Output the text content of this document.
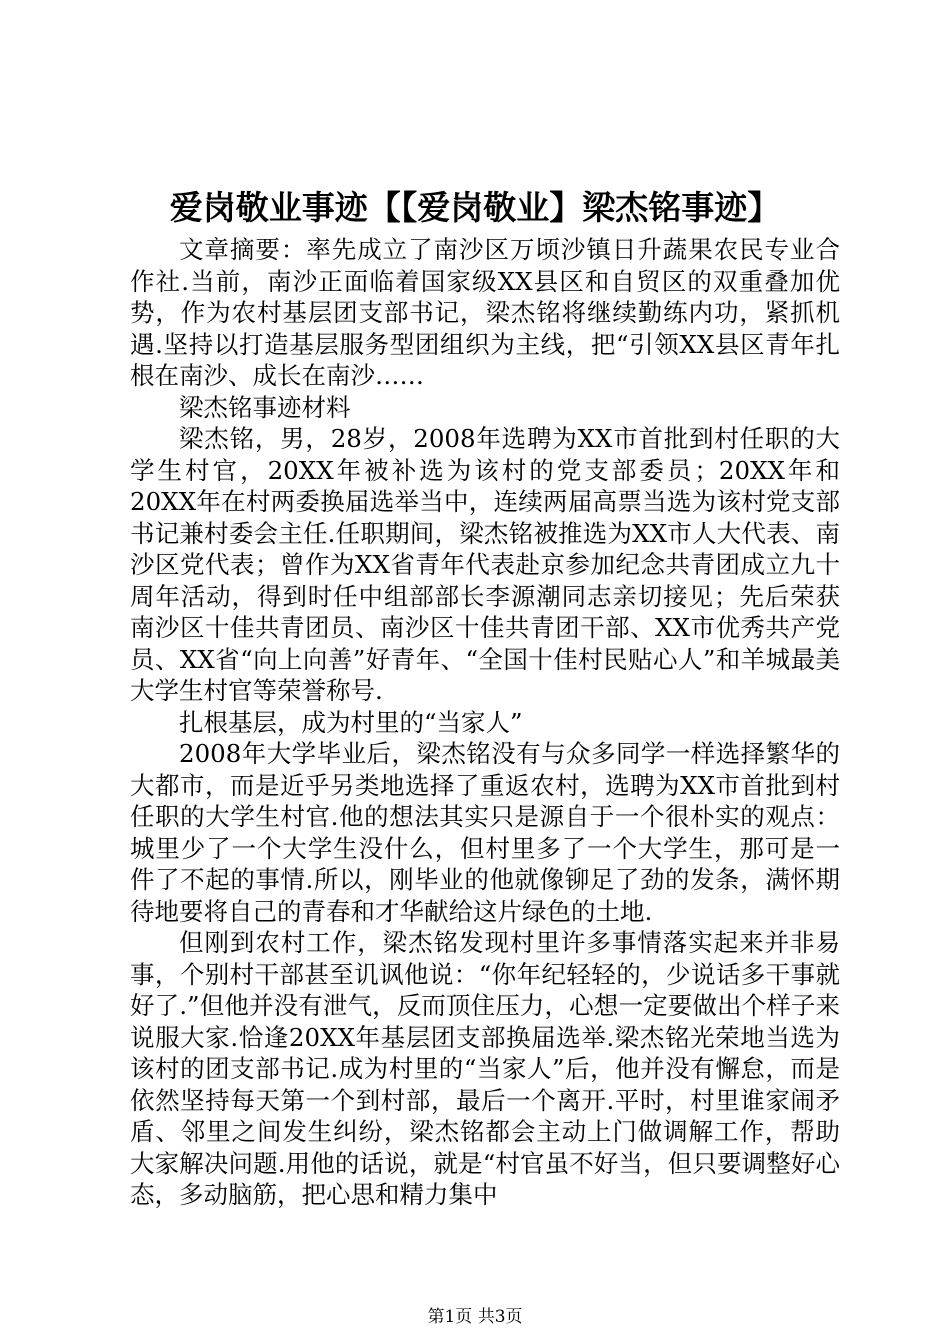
爱岗敬业事迹【【爱岗敬业】梁杰铭事迹】

文章摘要：率先成立了南沙区万顷沙镇日升蔬果农民专业合作社.当前，南沙正面临着国家级XX县区和自贸区的双重叠加优势，作为农村基层团支部书记，梁杰铭将继续勤练内功，紧抓机遇.坚持以打造基层服务型团组织为主线，把“引领XX县区青年扎根在南沙、成长在南沙……

梁杰铭事迹材料

梁杰铭，男，28岁，2008年选聘为XX市首批到村任职的大学生村官，20XX年被补选为该村的党支部委员；20XX年和20XX年在村两委换届选举当中，连续两届高票当选为该村党支部书记兼村委会主任.任职期间，梁杰铭被推选为XX市人大代表、南沙区党代表；曾作为XX省青年代表赴京参加纪念共青团成立九十周年活动，得到时任中组部部长李源潮同志亲切接见；先后荣获南沙区十佳共青团员、南沙区十佳共青团干部、XX市优秀共产党员、XX省“向上向善”好青年、“全国十佳村民贴心人”和羊城最美大学生村官等荣誉称号.

扎根基层，成为村里的“当家人”

2008年大学毕业后，梁杰铭没有与众多同学一样选择繁华的大都市，而是近乎另类地选择了重返农村，选聘为XX市首批到村任职的大学生村官.他的想法其实只是源自于一个很朴实的观点：城里少了一个大学生没什么，但村里多了一个大学生，那可是一件了不起的事情.所以，刚毕业的他就像铆足了劲的发条，满怀期待地要将自己的青春和才华献给这片绿色的土地.

但刚到农村工作，梁杰铭发现村里许多事情落实起来并非易事，个别村干部甚至讥讽他说：“你年纪轻轻的，少说话多干事就好了.”但他并没有泄气，反而顶住压力，心想一定要做出个样子来说服大家.恰逢20XX年基层团支部换届选举.梁杰铭光荣地当选为该村的团支部书记.成为村里的“当家人”后，他并没有懈怠，而是依然坚持每天第一个到村部，最后一个离开.平时，村里谁家闹矛盾、邻里之间发生纠纷，梁杰铭都会主动上门做调解工作，帮助大家解决问题.用他的话说，就是“村官虽不好当，但只要调整好心态，多动脑筋，把心思和精力集中

第1页 共3页
